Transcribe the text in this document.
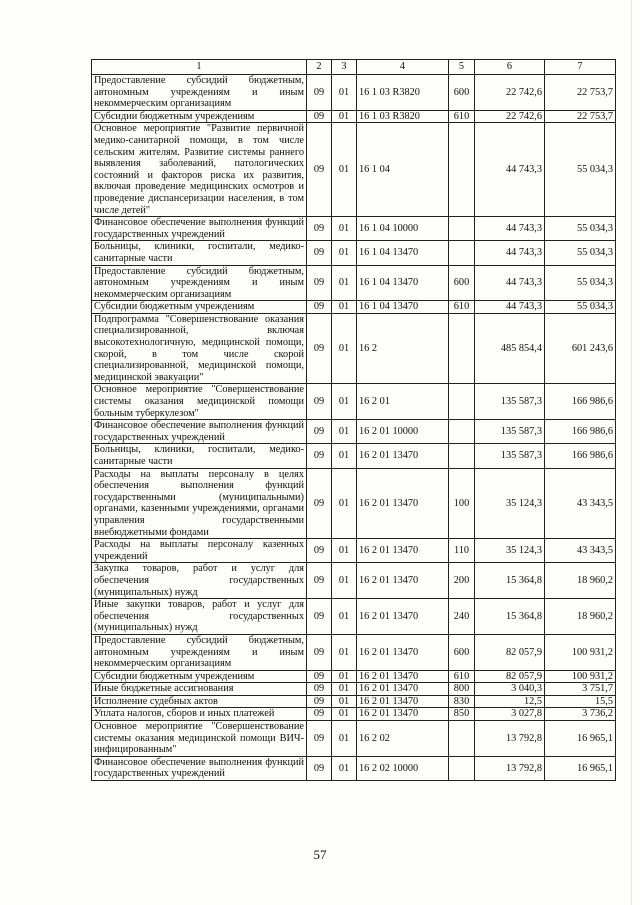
1	2	3	4	5	6	7
Предоставление субсидий бюджетным, автономным учреждениям и иным некоммерческим организациям	09	01	16 1 03 R3820	600	22 742,6	22 753,7
Субсидии бюджетным учреждениям	09	01	16 1 03 R3820	610	22 742,6	22 753,7
Основное мероприятие "Развитие первичной медико-санитарной помощи, в том числе сельским жителям. Развитие системы раннего выявления заболеваний, патологических состояний и факторов риска их развития, включая проведение медицинских осмотров и проведение диспансеризации населения, в том числе детей"	09	01	16 1 04		44 743,3	55 034,3
Финансовое обеспечение выполнения функций государственных учреждений	09	01	16 1 04 10000		44 743,3	55 034,3
Больницы, клиники, госпитали, медико-санитарные части	09	01	16 1 04 13470		44 743,3	55 034,3
Предоставление субсидий бюджетным, автономным учреждениям и иным некоммерческим организациям	09	01	16 1 04 13470	600	44 743,3	55 034,3
Субсидии бюджетным учреждениям	09	01	16 1 04 13470	610	44 743,3	55 034,3
Подпрограмма "Совершенствование оказания специализированной, включая высокотехнологичную, медицинской помощи, скорой, в том числе скорой специализированной, медицинской помощи, медицинской эвакуации"	09	01	16 2		485 854,4	601 243,6
Основное мероприятие "Совершенствование системы оказания медицинской помощи больным туберкулезом"	09	01	16 2 01		135 587,3	166 986,6
Финансовое обеспечение выполнения функций государственных учреждений	09	01	16 2 01 10000		135 587,3	166 986,6
Больницы, клиники, госпитали, медико-санитарные части	09	01	16 2 01 13470		135 587,3	166 986,6
Расходы на выплаты персоналу в целях обеспечения выполнения функций государственными (муниципальными) органами, казенными учреждениями, органами управления государственными внебюджетными фондами	09	01	16 2 01 13470	100	35 124,3	43 343,5
Расходы на выплаты персоналу казенных учреждений	09	01	16 2 01 13470	110	35 124,3	43 343,5
Закупка товаров, работ и услуг для обеспечения государственных (муниципальных) нужд	09	01	16 2 01 13470	200	15 364,8	18 960,2
Иные закупки товаров, работ и услуг для обеспечения государственных (муниципальных) нужд	09	01	16 2 01 13470	240	15 364,8	18 960,2
Предоставление субсидий бюджетным, автономным учреждениям и иным некоммерческим организациям	09	01	16 2 01 13470	600	82 057,9	100 931,2
Субсидии бюджетным учреждениям	09	01	16 2 01 13470	610	82 057,9	100 931,2
Иные бюджетные ассигнования	09	01	16 2 01 13470	800	3 040,3	3 751,7
Исполнение судебных актов	09	01	16 2 01 13470	830	12,5	15,5
Уплата налогов, сборов и иных платежей	09	01	16 2 01 13470	850	3 027,8	3 736,2
Основное мероприятие "Совершенствование системы оказания медицинской помощи ВИЧ-инфицированным"	09	01	16 2 02		13 792,8	16 965,1
Финансовое обеспечение выполнения функций государственных учреждений	09	01	16 2 02 10000		13 792,8	16 965,1
57
